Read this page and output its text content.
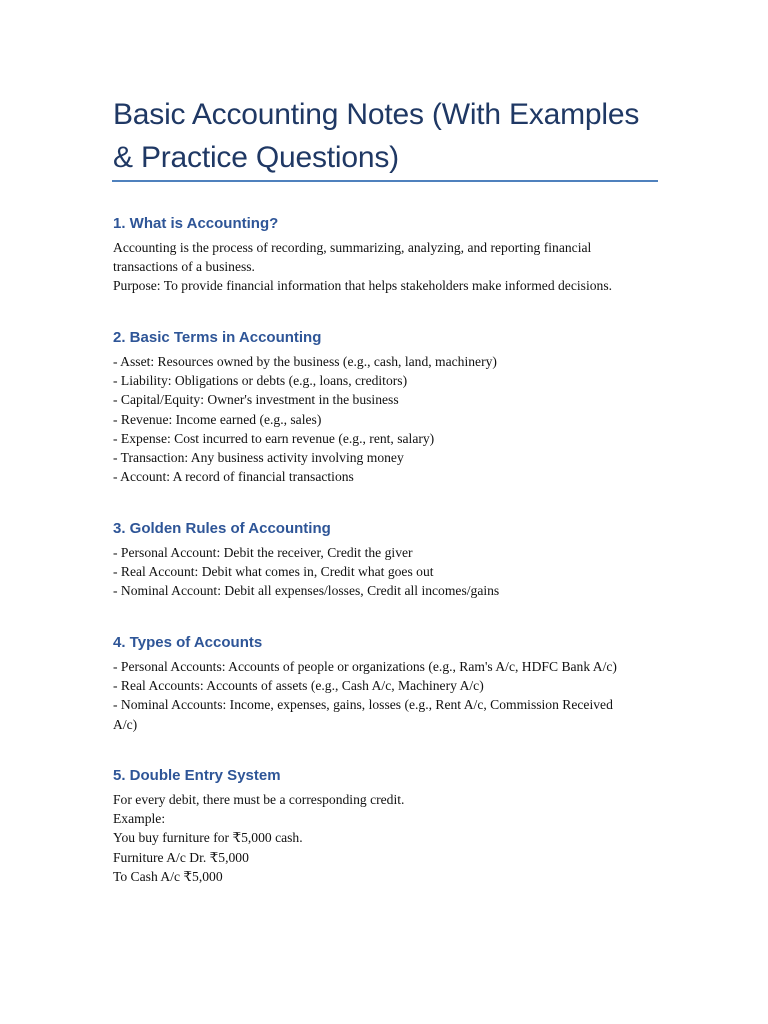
Basic Accounting Notes (With Examples
& Practice Questions)
1. What is Accounting?
Accounting is the process of recording, summarizing, analyzing, and reporting financial
transactions of a business.
Purpose: To provide financial information that helps stakeholders make informed decisions.
2. Basic Terms in Accounting
- Asset: Resources owned by the business (e.g., cash, land, machinery)
- Liability: Obligations or debts (e.g., loans, creditors)
- Capital/Equity: Owner's investment in the business
- Revenue: Income earned (e.g., sales)
- Expense: Cost incurred to earn revenue (e.g., rent, salary)
- Transaction: Any business activity involving money
- Account: A record of financial transactions
3. Golden Rules of Accounting
- Personal Account: Debit the receiver, Credit the giver
- Real Account: Debit what comes in, Credit what goes out
- Nominal Account: Debit all expenses/losses, Credit all incomes/gains
4. Types of Accounts
- Personal Accounts: Accounts of people or organizations (e.g., Ram's A/c, HDFC Bank A/c)
- Real Accounts: Accounts of assets (e.g., Cash A/c, Machinery A/c)
- Nominal Accounts: Income, expenses, gains, losses (e.g., Rent A/c, Commission Received
A/c)
5. Double Entry System
For every debit, there must be a corresponding credit.
Example:
You buy furniture for ₹5,000 cash.
Furniture A/c Dr. ₹5,000
To Cash A/c ₹5,000
